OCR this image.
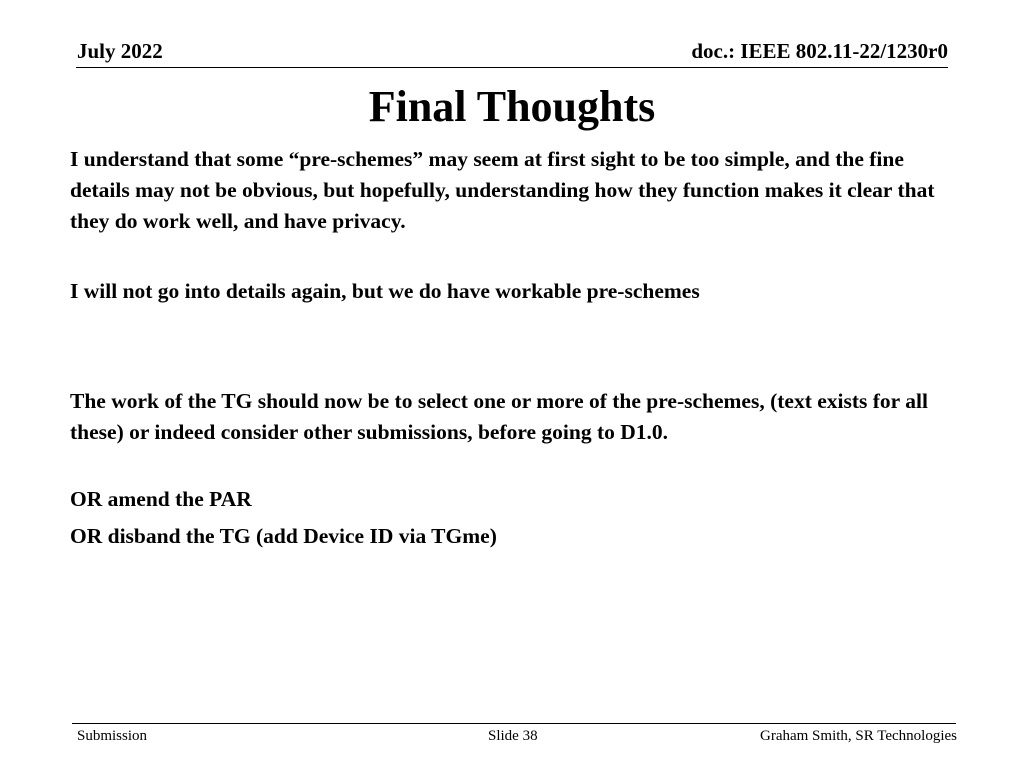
July 2022	doc.: IEEE 802.11-22/1230r0
Final Thoughts

I understand that some “pre-schemes” may seem at first sight to be too simple, and the fine details may not be obvious, but hopefully, understanding how they function makes it clear that they do work well, and have privacy.

I will not go into details again, but we do have workable pre-schemes

The work of the TG should now be to select one or more of the pre-schemes, (text exists for all these) or indeed consider other submissions, before going to D1.0.

OR amend the PAR

OR disband the TG (add Device ID via TGme)

Submission	Slide 38	Graham Smith, SR Technologies
